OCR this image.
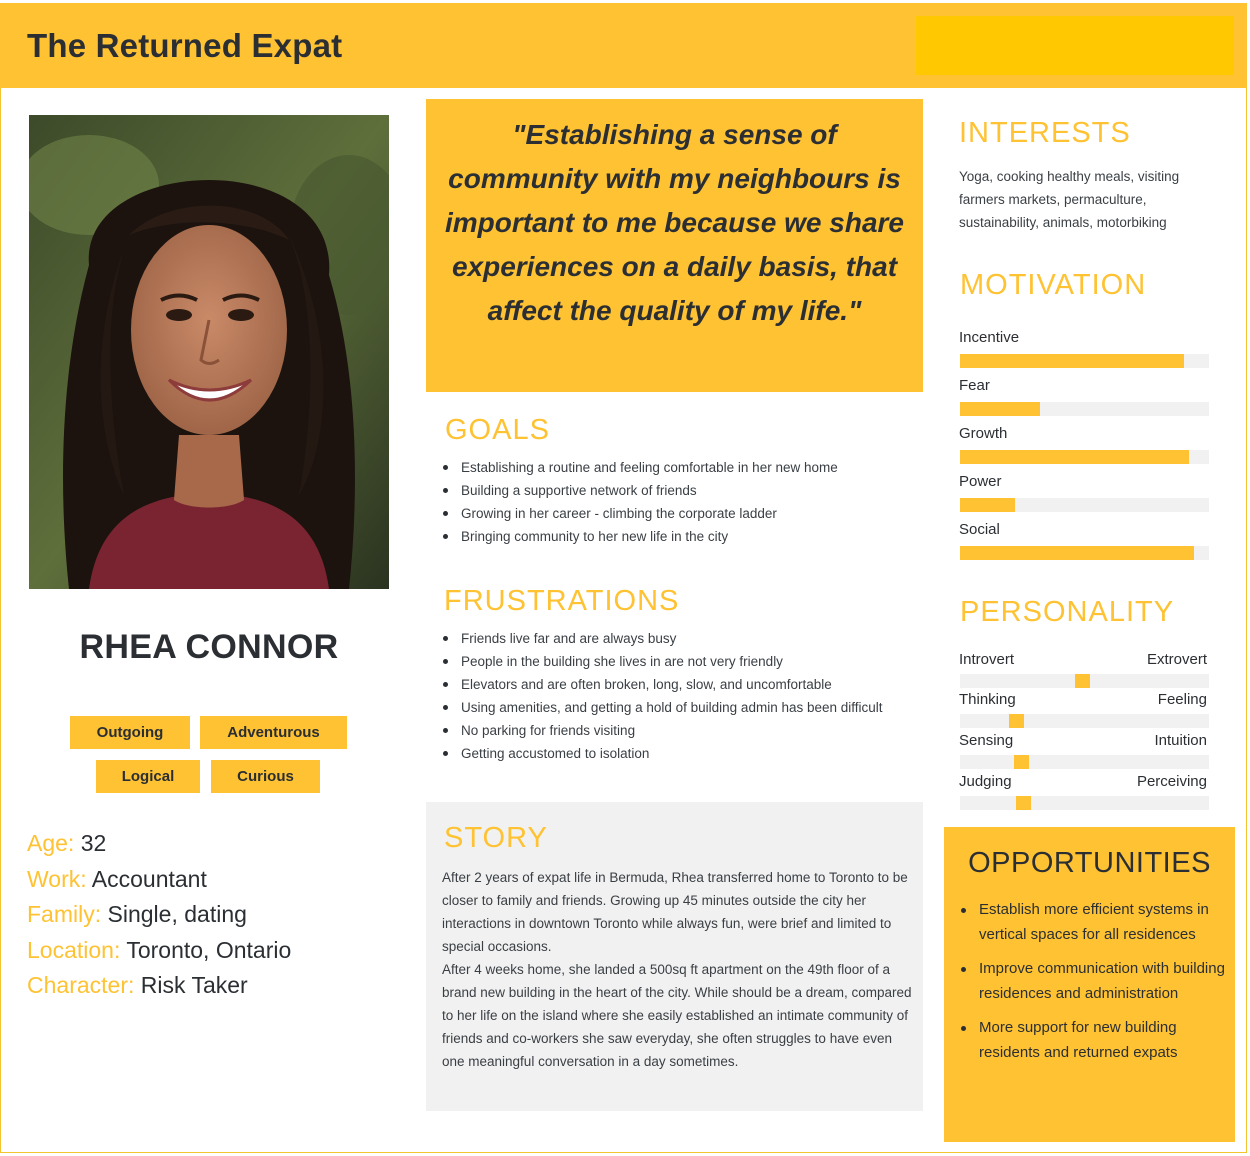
The Returned Expat
RHEA CONNOR
Outgoing	Adventurous
Logical	Curious
Age: 32
Work: Accountant
Family: Single, dating
Location: Toronto, Ontario
Character: Risk Taker
"Establishing a sense of community with my neighbours is important to me because we share experiences on a daily basis, that affect the quality of my life."
GOALS
Establishing a routine and feeling comfortable in her new home
Building a supportive network of friends
Growing in her career - climbing the corporate ladder
Bringing community to her new life in the city
FRUSTRATIONS
Friends live far and are always busy
People in the building she lives in are not very friendly
Elevators and are often broken, long, slow, and uncomfortable
Using amenities, and getting a hold of building admin has been difficult
No parking for friends visiting
Getting accustomed to isolation
STORY

After 2 years of expat life in Bermuda, Rhea transferred home to Toronto to be closer to family and friends. Growing up 45 minutes outside the city her interactions in downtown Toronto while always fun, were brief and limited to special occasions.

After 4 weeks home, she landed a 500sq ft apartment on the 49th floor of a brand new building in the heart of the city. While should be a dream, compared to her life on the island where she easily established an intimate community of friends and co-workers she saw everyday, she often struggles to have even one meaningful conversation in a day sometimes.

INTERESTS
Yoga, cooking healthy meals, visiting farmers markets, permaculture, sustainability, animals, motorbiking
MOTIVATION
Incentive
Fear
Growth
Power
Social
PERSONALITY
Introvert	Extrovert
Thinking	Feeling
Sensing	Intuition
Judging	Perceiving
OPPORTUNITIES
Establish more efficient systems in vertical spaces for all residences
Improve communication with building residences and administration
More support for new building residents and returned expats
